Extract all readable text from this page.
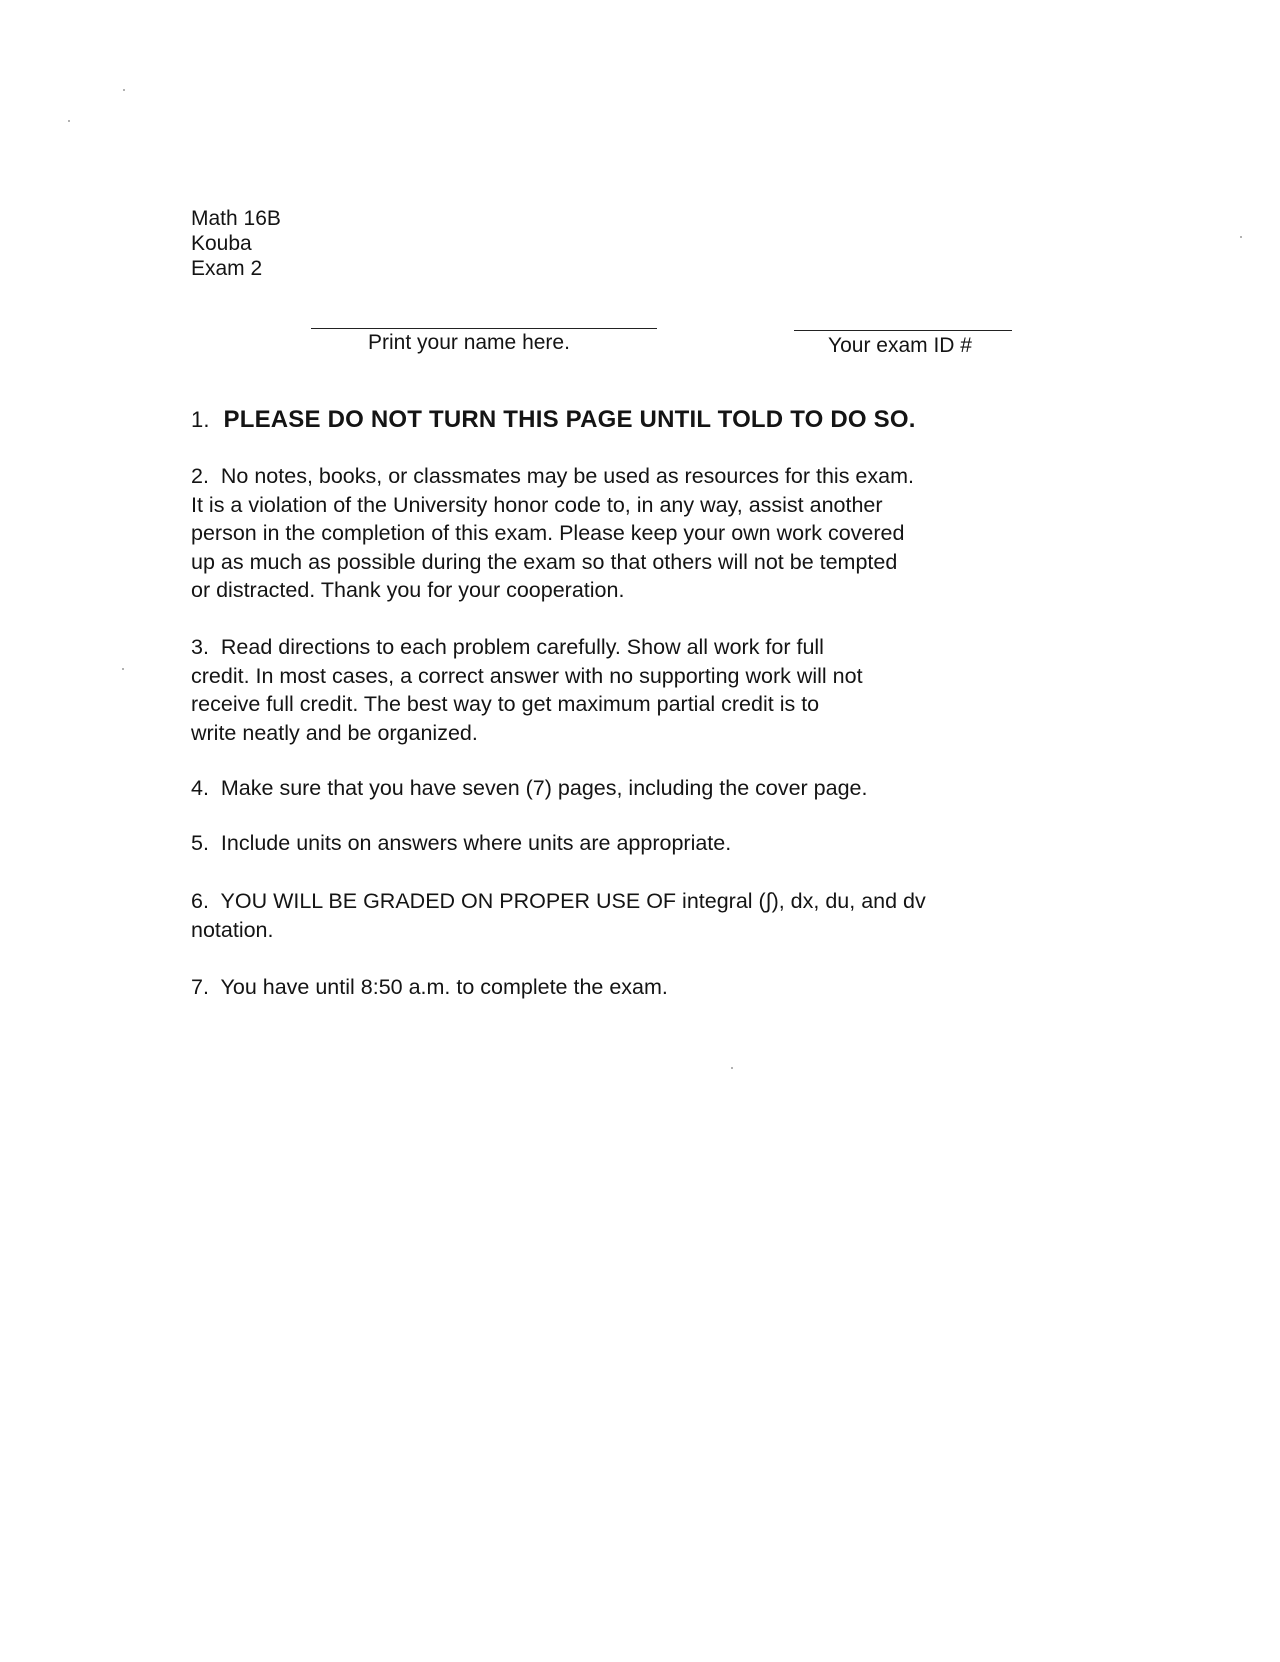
Math 16B
Kouba
Exam 2
Print your name here.	Your exam ID #
1. PLEASE DO NOT TURN THIS PAGE UNTIL TOLD TO DO SO.
2. No notes, books, or classmates may be used as resources for this exam.
It is a violation of the University honor code to, in any way, assist another
person in the completion of this exam. Please keep your own work covered
up as much as possible during the exam so that others will not be tempted
or distracted. Thank you for your cooperation.
3. Read directions to each problem carefully. Show all work for full
credit. In most cases, a correct answer with no supporting work will not
receive full credit. The best way to get maximum partial credit is to
write neatly and be organized.
4. Make sure that you have seven (7) pages, including the cover page.
5. Include units on answers where units are appropriate.
6. YOU WILL BE GRADED ON PROPER USE OF integral (∫), dx, du, and dv
notation.
7. You have until 8:50 a.m. to complete the exam.
